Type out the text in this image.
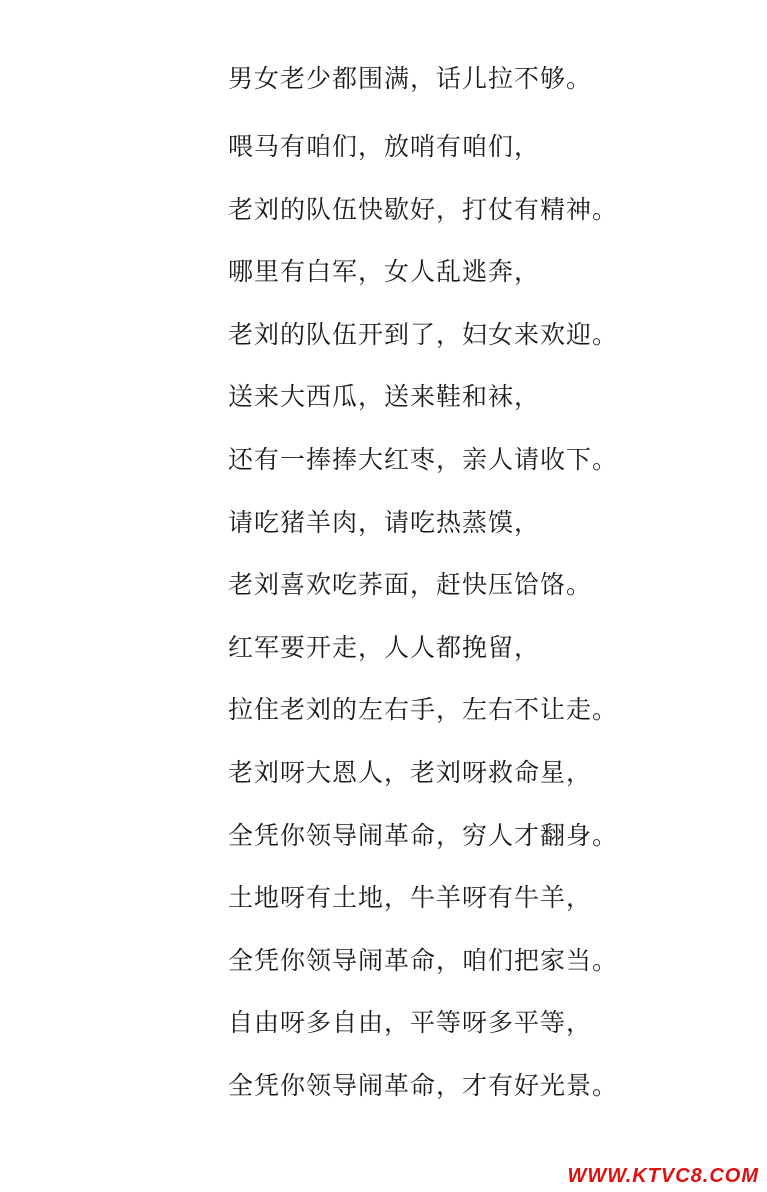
男女老少都围满，话儿拉不够。
喂马有咱们，放哨有咱们，
老刘的队伍快歇好，打仗有精神。
哪里有白军，女人乱逃奔，
老刘的队伍开到了，妇女来欢迎。
送来大西瓜，送来鞋和袜，
还有一捧捧大红枣，亲人请收下。
请吃猪羊肉，请吃热蒸馍，
老刘喜欢吃荞面，赶快压饸饹。
红军要开走，人人都挽留，
拉住老刘的左右手，左右不让走。
老刘呀大恩人，老刘呀救命星，
全凭你领导闹革命，穷人才翻身。
土地呀有土地，牛羊呀有牛羊，
全凭你领导闹革命，咱们把家当。
自由呀多自由，平等呀多平等，
全凭你领导闹革命，才有好光景。
WWW.KTVC8.COM
